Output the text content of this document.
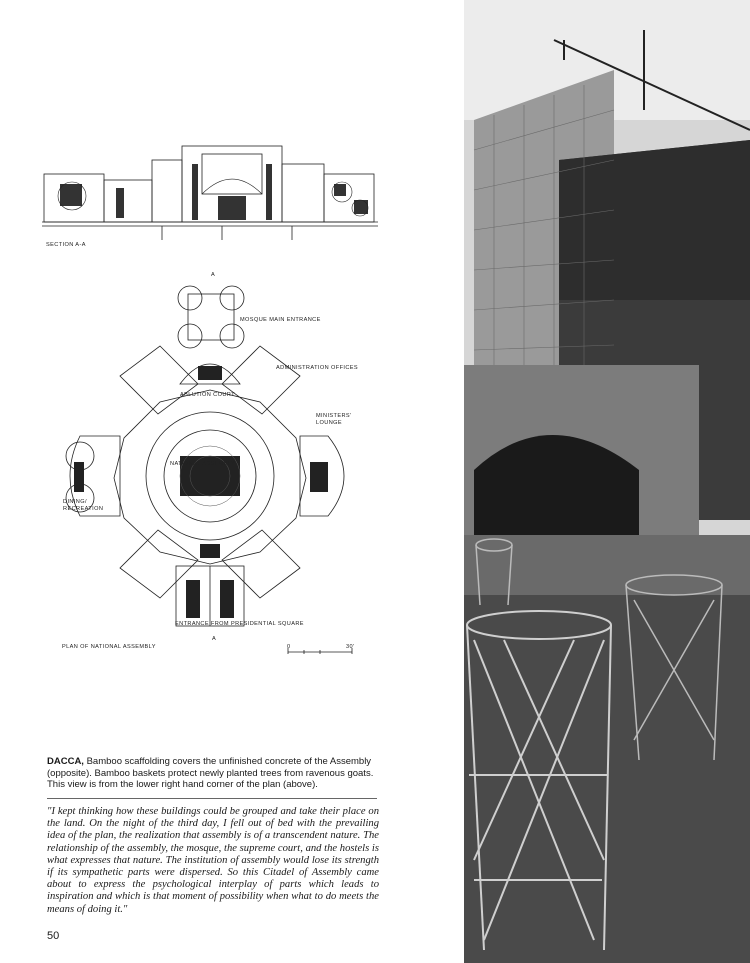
SECTION A-A
A
A
MOSQUE MAIN ENTRANCE
ADMINISTRATION OFFICES
ABLUTION COURT
MINISTERS'
LOUNGE
NATIONAL ASSEMBLY
DINING/
RECREATION
ENTRANCE FROM PRESIDENTIAL SQUARE
PLAN OF NATIONAL ASSEMBLY	0	30'
DACCA, Bamboo scaffolding covers the unfinished concrete of the Assembly (opposite). Bamboo baskets protect newly planted trees from ravenous goats. This view is from the lower right hand corner of the plan (above).
"I kept thinking how these buildings could be grouped and take their place on the land. On the night of the third day, I fell out of bed with the prevailing idea of the plan, the realization that assembly is of a transcendent nature. The relationship of the assembly, the mosque, the supreme court, and the hostels is what expresses that nature. The institution of assembly would lose its strength if its sympathetic parts were dispersed. So this Citadel of Assembly came about to express the psychological interplay of parts which leads to inspiration and which is that moment of possibility when what to do meets the means of doing it."
50
